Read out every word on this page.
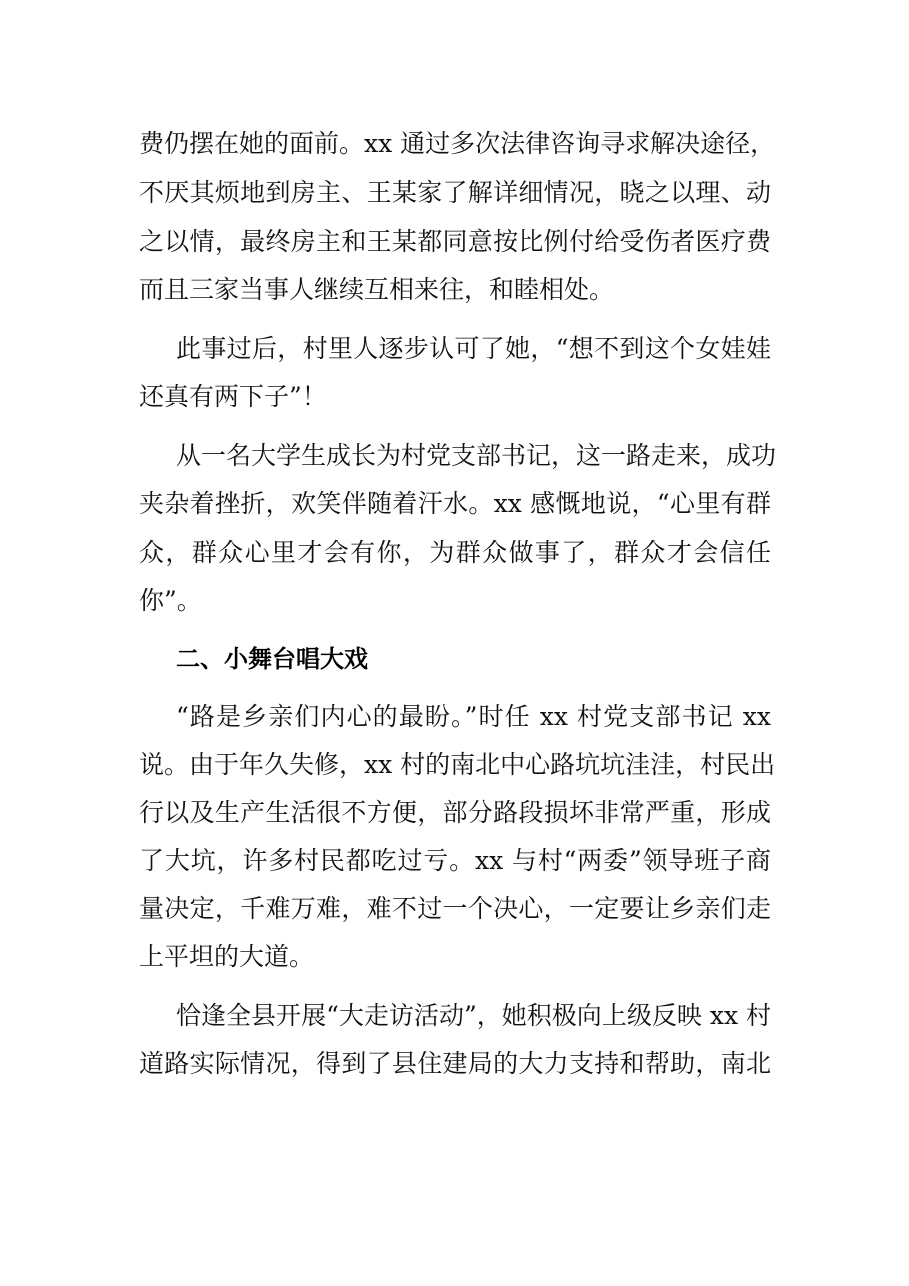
费仍摆在她的面前。xx 通过多次法律咨询寻求解决途径，
不厌其烦地到房主、王某家了解详细情况，晓之以理、动
之以情，最终房主和王某都同意按比例付给受伤者医疗费
而且三家当事人继续互相来往，和睦相处。
此事过后，村里人逐步认可了她，“想不到这个女娃娃
还真有两下子”！
从一名大学生成长为村党支部书记，这一路走来，成功
夹杂着挫折，欢笑伴随着汗水。xx 感慨地说，“心里有群
众，群众心里才会有你，为群众做事了，群众才会信任
你”。
二、小舞台唱大戏
“路是乡亲们内心的最盼。”时任 xx 村党支部书记 xx
说。由于年久失修，xx 村的南北中心路坑坑洼洼，村民出
行以及生产生活很不方便，部分路段损坏非常严重，形成
了大坑，许多村民都吃过亏。xx 与村“两委”领导班子商
量决定，千难万难，难不过一个决心，一定要让乡亲们走
上平坦的大道。
恰逢全县开展“大走访活动”，她积极向上级反映 xx 村
道路实际情况，得到了县住建局的大力支持和帮助，南北
